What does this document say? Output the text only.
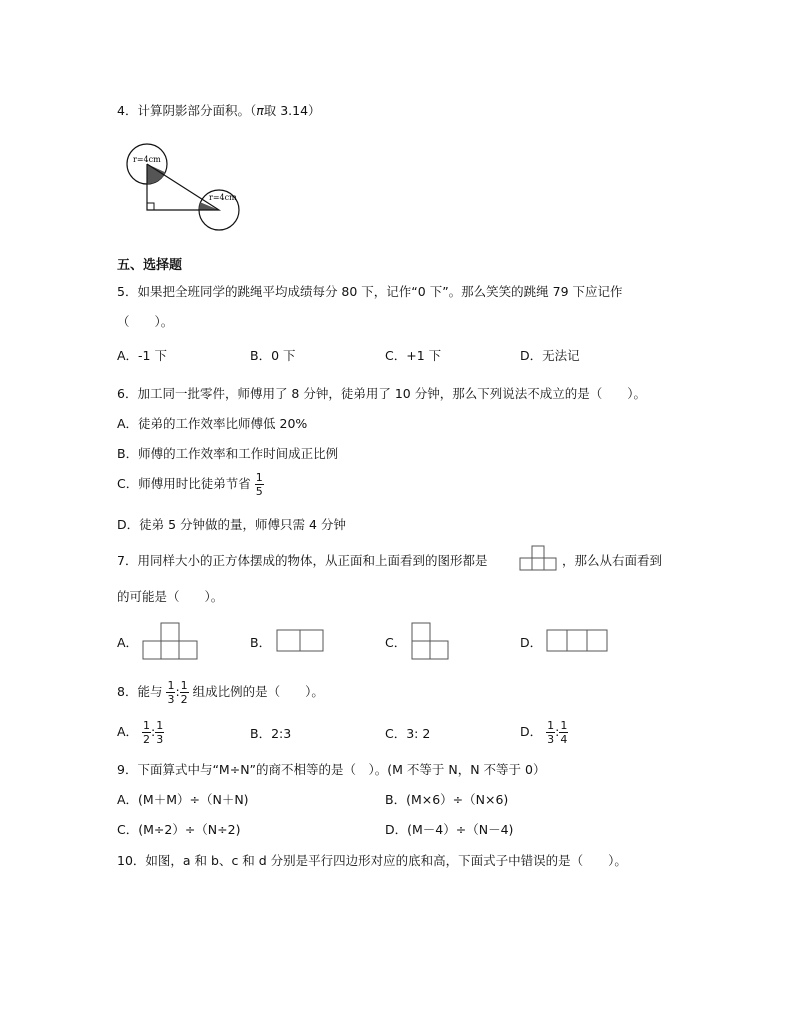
4．计算阴影部分面积。（π取 3.14）
r=4cm
r=4cm
五、选择题
5．如果把全班同学的跳绳平均成绩每分 80 下，记作“0 下”。那么笑笑的跳绳 79 下应记作
（　　）。
A．-1 下	B．0 下	C．+1 下	D．无法记
6．加工同一批零件，师傅用了 8 分钟，徒弟用了 10 分钟，那么下列说法不成立的是（　　）。
A．徒弟的工作效率比师傅低 20%
B．师傅的工作效率和工作时间成正比例
C．师傅用时比徒弟节省 $\frac{1}{5}$
D．徒弟 5 分钟做的量，师傅只需 4 分钟
7．用同样大小的正方体摆成的物体，从正面和上面看到的图形都是	，那么从右面看到
的可能是（　　）。
A．	B．	C．	D．
8．能与 $\frac{1}{3}$ : $\frac{1}{2}$ 组成比例的是（　　）。
A． $\frac{1}{2}$ : $\frac{1}{3}$	B．2:3	C．3: 2	D． $\frac{1}{3}$ : $\frac{1}{4}$
9．下面算式中与“M÷N”的商不相等的是（　）。(M 不等于 N，N 不等于 0）
A．(M＋M）÷（N＋N)	B．(M×6）÷（N×6)
C．(M÷2）÷（N÷2)	D．(M－4）÷（N－4)
10．如图，a 和 b、c 和 d 分别是平行四边形对应的底和高，下面式子中错误的是（　　）。
